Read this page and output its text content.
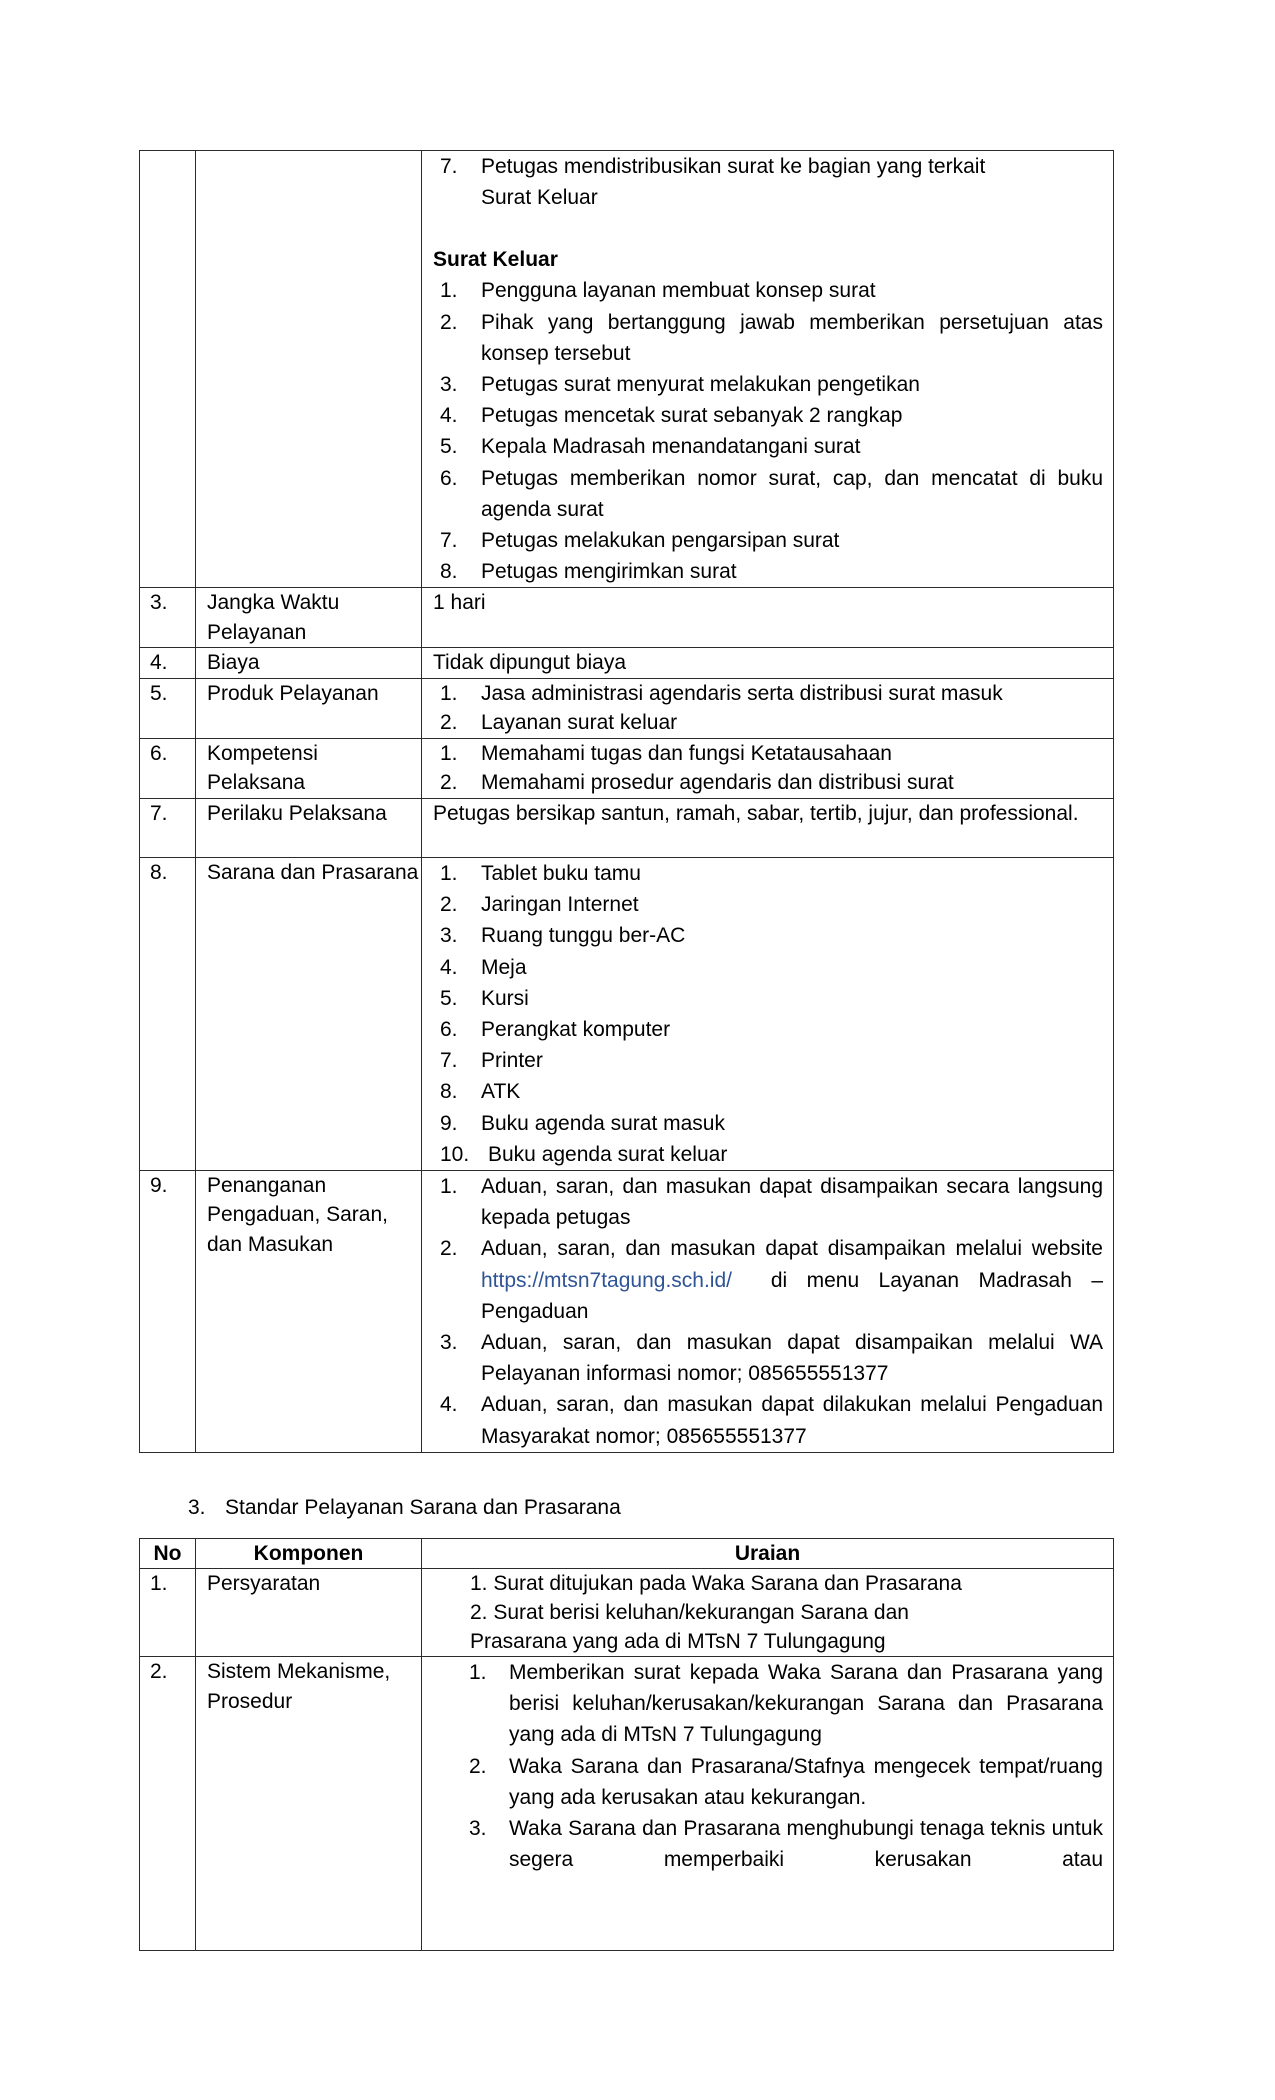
7. Petugas mendistribusikan surat ke bagian yang terkait
Surat Keluar
Surat Keluar
1. Pengguna layanan membuat konsep surat
2. Pihak yang bertanggung jawab memberikan persetujuan atas konsep tersebut
3. Petugas surat menyurat melakukan pengetikan
4. Petugas mencetak surat sebanyak 2 rangkap
5. Kepala Madrasah menandatangani surat
6. Petugas memberikan nomor surat, cap, dan mencatat di buku agenda surat
7. Petugas melakukan pengarsipan surat
8. Petugas mengirimkan surat

3.	Jangka Waktu Pelayanan	1 hari
4.	Biaya	Tidak dipungut biaya
5.	Produk Pelayanan	1. Jasa administrasi agendaris serta distribusi surat masuk
2. Layanan surat keluar

6.	Kompetensi Pelaksana	
1. Memahami tugas dan fungsi Ketatausahaan
2. Memahami prosedur agendaris dan distribusi surat

7.	Perilaku Pelaksana	Petugas bersikap santun, ramah, sabar, tertib, jujur, dan professional.
8.	Sarana dan Prasarana	1. Tablet buku tamu
2. Jaringan Internet
3. Ruang tunggu ber-AC
4. Meja
5. Kursi
6. Perangkat komputer
7. Printer
8. ATK
9. Buku agenda surat masuk
10. Buku agenda surat keluar

9.	Penanganan Pengaduan, Saran, dan Masukan	
1. Aduan, saran, dan masukan dapat disampaikan secara langsung kepada petugas
2. Aduan, saran, dan masukan dapat disampaikan melalui website https://mtsn7tagung.sch.id/ di menu Layanan Madrasah – Pengaduan
3. Aduan, saran, dan masukan dapat disampaikan melalui WA Pelayanan informasi nomor; 085655551377
4. Aduan, saran, dan masukan dapat dilakukan melalui Pengaduan Masyarakat nomor; 085655551377
3. Standar Pelayanan Sarana dan Prasarana
No	Komponen	Uraian
1.	Persyaratan	1. Surat ditujukan pada Waka Sarana dan Prasarana
2. Surat berisi keluhan/kekurangan Sarana dan
Prasarana yang ada di MTsN 7 Tulungagung

2.	Sistem Mekanisme, Prosedur	
1. Memberikan surat kepada Waka Sarana dan Prasarana yang berisi keluhan/kerusakan/kekurangan Sarana dan Prasarana yang ada di MTsN 7 Tulungagung
2. Waka Sarana dan Prasarana/Stafnya mengecek tempat/ruang yang ada kerusakan atau kekurangan.
3. Waka Sarana dan Prasarana menghubungi tenaga teknis untuk segera memperbaiki kerusakan atau
